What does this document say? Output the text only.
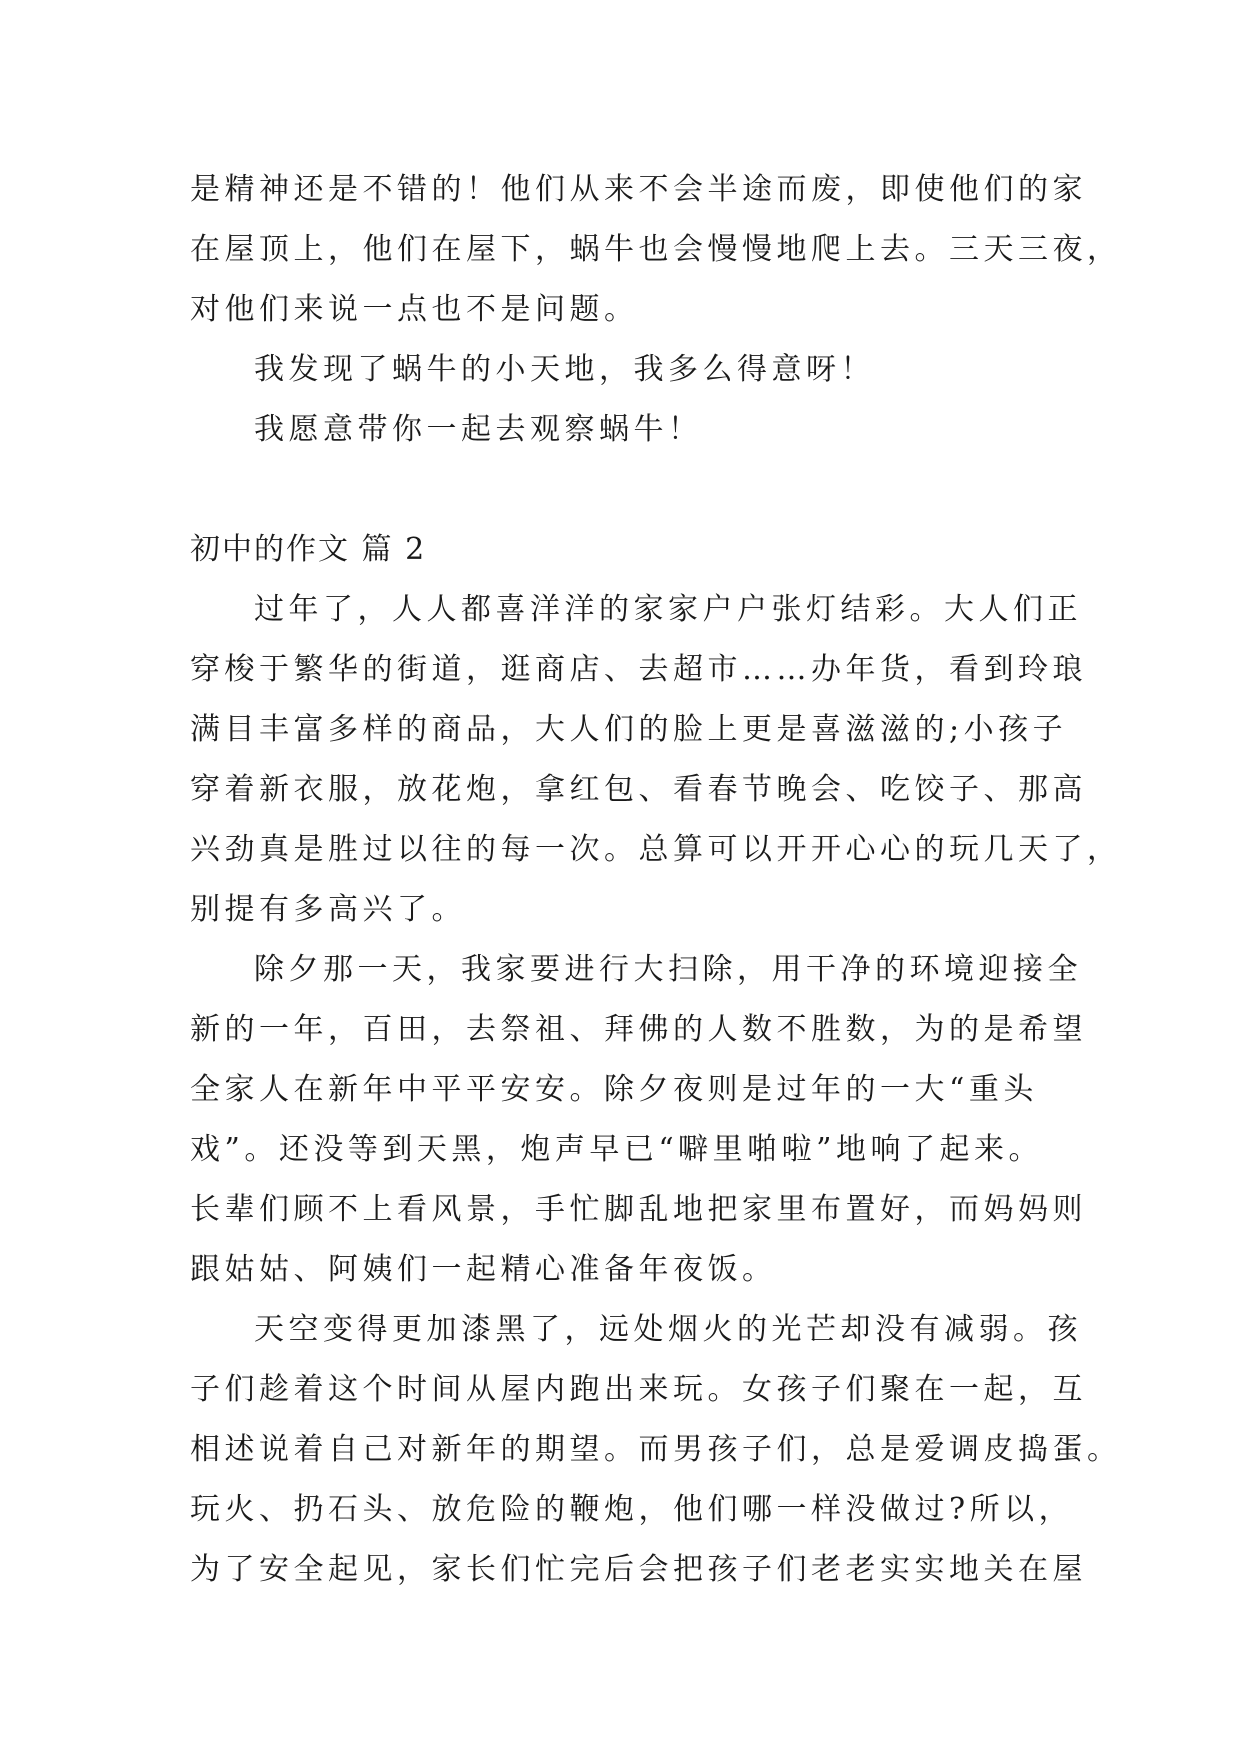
是精神还是不错的！他们从来不会半途而废，即使他们的家
在屋顶上，他们在屋下，蜗牛也会慢慢地爬上去。三天三夜，
对他们来说一点也不是问题。
我发现了蜗牛的小天地，我多么得意呀！
我愿意带你一起去观察蜗牛！
初中的作文 篇 2
过年了，人人都喜洋洋的家家户户张灯结彩。大人们正
穿梭于繁华的街道，逛商店、去超市……办年货，看到玲琅
满目丰富多样的商品，大人们的脸上更是喜滋滋的;小孩子
穿着新衣服，放花炮，拿红包、看春节晚会、吃饺子、那高
兴劲真是胜过以往的每一次。总算可以开开心心的玩几天了，
别提有多高兴了。
除夕那一天，我家要进行大扫除，用干净的环境迎接全
新的一年，百田，去祭祖、拜佛的人数不胜数，为的是希望
全家人在新年中平平安安。除夕夜则是过年的一大“重头
戏”。还没等到天黑，炮声早已“噼里啪啦”地响了起来。
长辈们顾不上看风景，手忙脚乱地把家里布置好，而妈妈则
跟姑姑、阿姨们一起精心准备年夜饭。
天空变得更加漆黑了，远处烟火的光芒却没有减弱。孩
子们趁着这个时间从屋内跑出来玩。女孩子们聚在一起，互
相述说着自己对新年的期望。而男孩子们，总是爱调皮捣蛋。
玩火、扔石头、放危险的鞭炮，他们哪一样没做过?所以，
为了安全起见，家长们忙完后会把孩子们老老实实地关在屋
